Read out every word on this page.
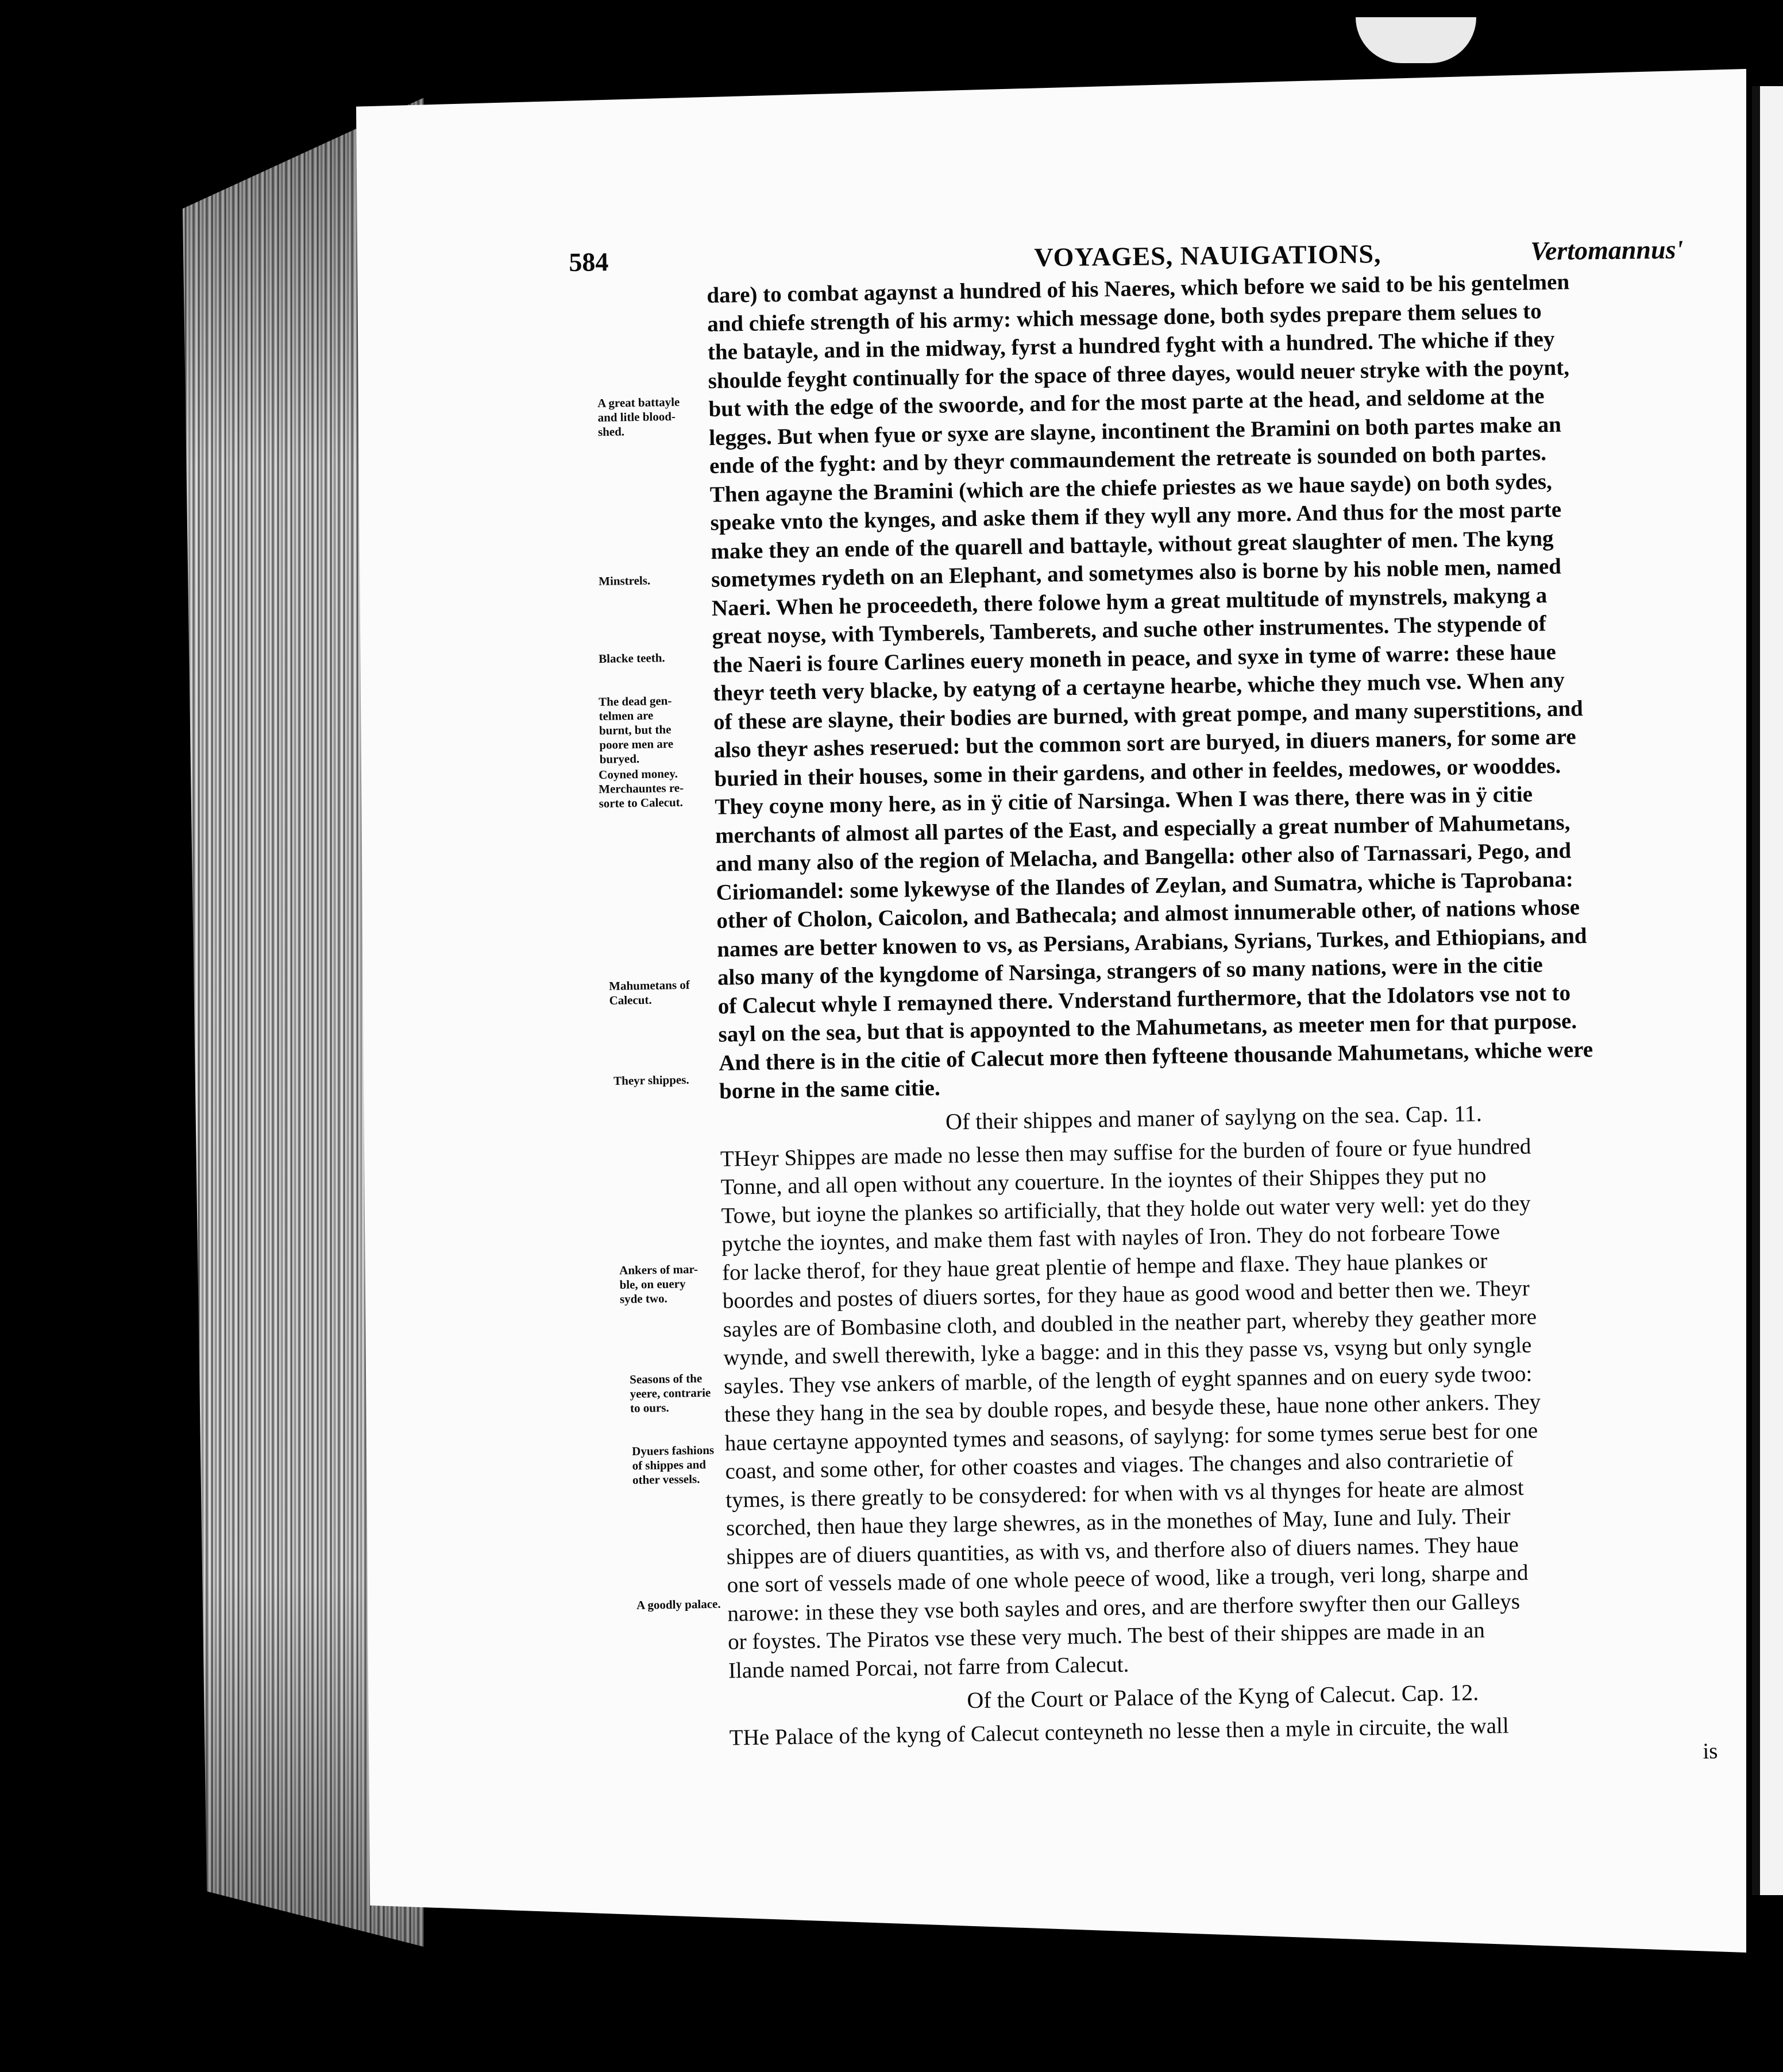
584	VOYAGES, NAUIGATIONS,	Vertomannus'
dare) to combat agaynst a hundred of his Naeres, which before we said to be his gentelmen
and chiefe strength of his army: which message done, both sydes prepare them selues to
the batayle, and in the midway, fyrst a hundred fyght with a hundred. The whiche if they
shoulde feyght continually for the space of three dayes, would neuer stryke with the poynt,
but with the edge of the swoorde, and for the most parte at the head, and seldome at the
legges. But when fyue or syxe are slayne, incontinent the Bramini on both partes make an
ende of the fyght: and by theyr commaundement the retreate is sounded on both partes.
Then agayne the Bramini (which are the chiefe priestes as we haue sayde) on both sydes,
speake vnto the kynges, and aske them if they wyll any more. And thus for the most parte
make they an ende of the quarell and battayle, without great slaughter of men. The kyng
sometymes rydeth on an Elephant, and sometymes also is borne by his noble men, named
Naeri. When he proceedeth, there folowe hym a great multitude of mynstrels, makyng a
great noyse, with Tymberels, Tamberets, and suche other instrumentes. The stypende of
the Naeri is foure Carlines euery moneth in peace, and syxe in tyme of warre: these haue
theyr teeth very blacke, by eatyng of a certayne hearbe, whiche they much vse. When any
of these are slayne, their bodies are burned, with great pompe, and many superstitions, and
also theyr ashes reserued: but the common sort are buryed, in diuers maners, for some are
buried in their houses, some in their gardens, and other in feeldes, medowes, or wooddes.
They coyne mony here, as in ÿ citie of Narsinga. When I was there, there was in ÿ citie
merchants of almost all partes of the East, and especially a great number of Mahumetans,
and many also of the region of Melacha, and Bangella: other also of Tarnassari, Pego, and
Ciriomandel: some lykewyse of the Ilandes of Zeylan, and Sumatra, whiche is Taprobana:
other of Cholon, Caicolon, and Bathecala; and almost innumerable other, of nations whose
names are better knowen to vs, as Persians, Arabians, Syrians, Turkes, and Ethiopians, and
also many of the kyngdome of Narsinga, strangers of so many nations, were in the citie
of Calecut whyle I remayned there. Vnderstand furthermore, that the Idolators vse not to
sayl on the sea, but that is appoynted to the Mahumetans, as meeter men for that purpose.
And there is in the citie of Calecut more then fyfteene thousande Mahumetans, whiche were
borne in the same citie.
Of their shippes and maner of saylyng on the sea. Cap. 11.
THeyr Shippes are made no lesse then may suffise for the burden of foure or fyue hundred
Tonne, and all open without any couerture. In the ioyntes of their Shippes they put no
Towe, but ioyne the plankes so artificially, that they holde out water very well: yet do they
pytche the ioyntes, and make them fast with nayles of Iron. They do not forbeare Towe
for lacke therof, for they haue great plentie of hempe and flaxe. They haue plankes or
boordes and postes of diuers sortes, for they haue as good wood and better then we. Theyr
sayles are of Bombasine cloth, and doubled in the neather part, whereby they geather more
wynde, and swell therewith, lyke a bagge: and in this they passe vs, vsyng but only syngle
sayles. They vse ankers of marble, of the length of eyght spannes and on euery syde twoo:
these they hang in the sea by double ropes, and besyde these, haue none other ankers. They
haue certayne appoynted tymes and seasons, of saylyng: for some tymes serue best for one
coast, and some other, for other coastes and viages. The changes and also contrarietie of
tymes, is there greatly to be consydered: for when with vs al thynges for heate are almost
scorched, then haue they large shewres, as in the monethes of May, Iune and Iuly. Their
shippes are of diuers quantities, as with vs, and therfore also of diuers names. They haue
one sort of vessels made of one whole peece of wood, like a trough, veri long, sharpe and
narowe: in these they vse both sayles and ores, and are therfore swyfter then our Galleys
or foystes. The Piratos vse these very much. The best of their shippes are made in an
Ilande named Porcai, not farre from Calecut.
Of the Court or Palace of the Kyng of Calecut. Cap. 12.
THe Palace of the kyng of Calecut conteyneth no lesse then a myle in circuite, the wall
is
A great battayle
and litle blood-
shed.
Minstrels.
Blacke teeth.
The dead gen-
telmen are
burnt, but the
poore men are
buryed.
Coyned money.
Merchauntes re-
sorte to Calecut.
Mahumetans of
Calecut.
Theyr shippes.
Ankers of mar-
ble, on euery
syde two.
Seasons of the
yeere, contrarie
to ours.
Dyuers fashions
of shippes and
other vessels.
A goodly palace.
